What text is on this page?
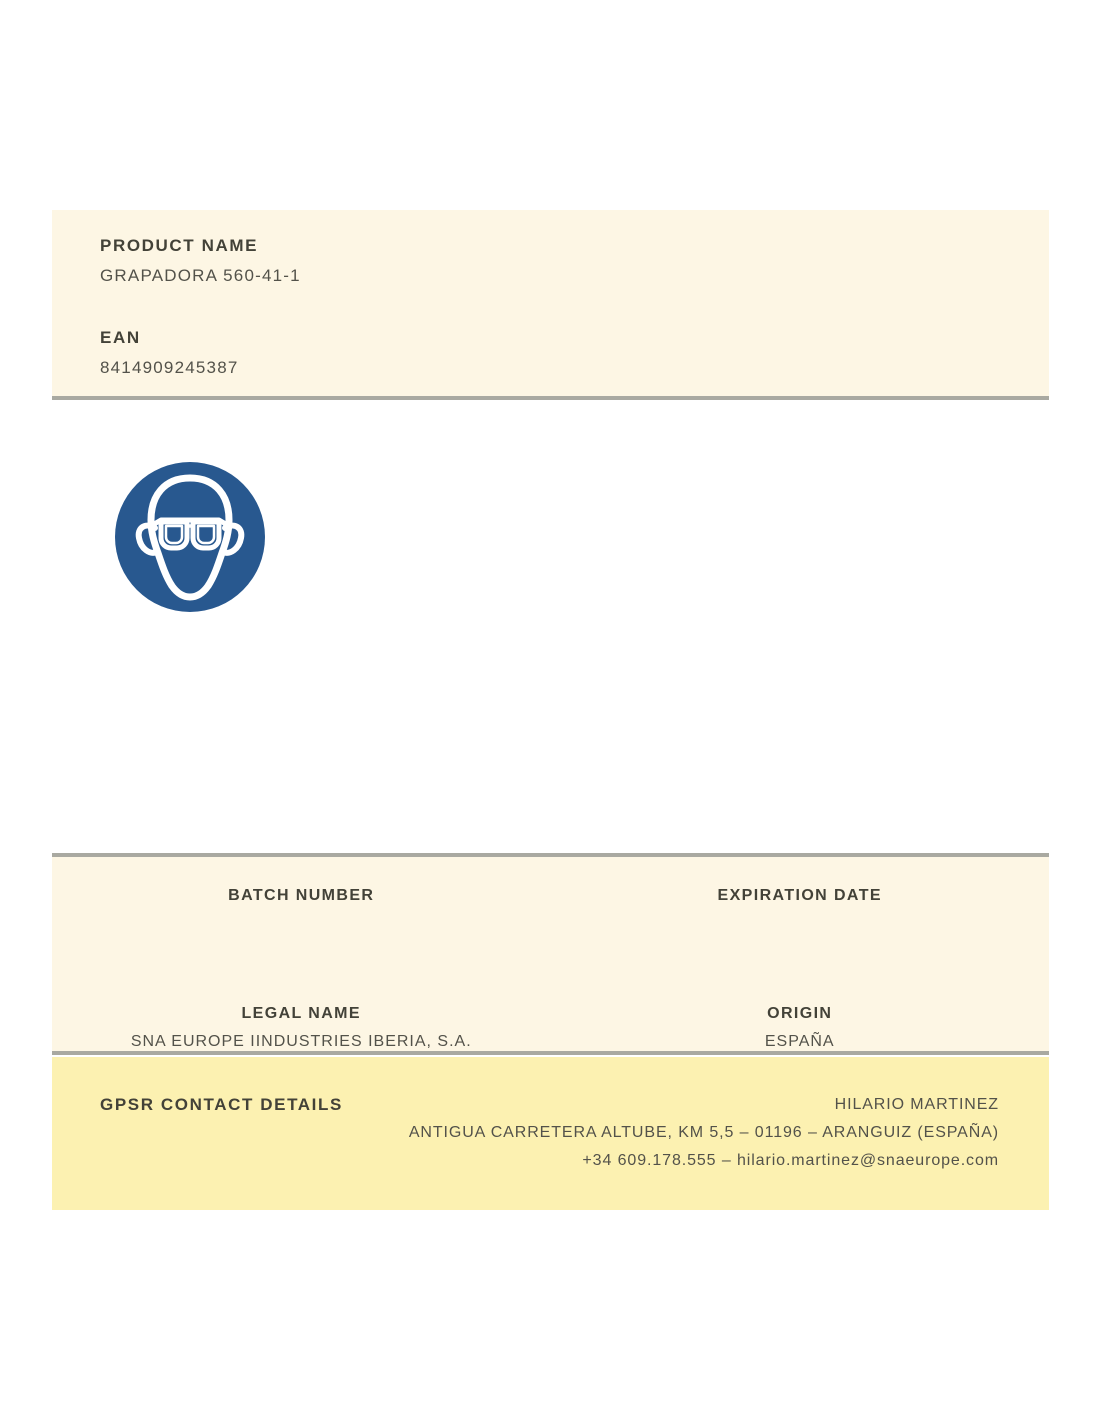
PRODUCT NAME
GRAPADORA 560-41-1
EAN
8414909245387
BATCH NUMBER
LEGAL NAME
SNA EUROPE IINDUSTRIES IBERIA, S.A.
EXPIRATION DATE
ORIGIN
ESPAÑA
GPSR CONTACT DETAILS	HILARIO MARTINEZ
ANTIGUA CARRETERA ALTUBE, KM 5,5 – 01196 – ARANGUIZ (ESPAÑA)
+34 609.178.555 – hilario.martinez@snaeurope.com
